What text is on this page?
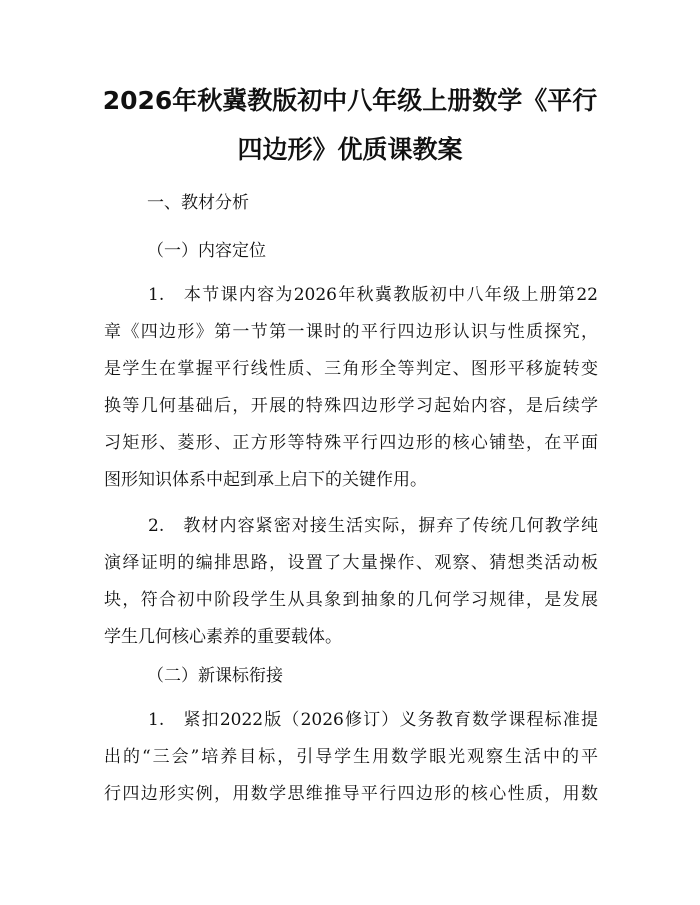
2026年秋冀教版初中八年级上册数学《平行
四边形》优质课教案

一、教材分析

（一）内容定位

1.　本节课内容为2026年秋冀教版初中八年级上册第22
章《四边形》第一节第一课时的平行四边形认识与性质探究，
是学生在掌握平行线性质、三角形全等判定、图形平移旋转变
换等几何基础后，开展的特殊四边形学习起始内容，是后续学
习矩形、菱形、正方形等特殊平行四边形的核心铺垫，在平面
图形知识体系中起到承上启下的关键作用。
2.　教材内容紧密对接生活实际，摒弃了传统几何教学纯
演绎证明的编排思路，设置了大量操作、观察、猜想类活动板
块，符合初中阶段学生从具象到抽象的几何学习规律，是发展
学生几何核心素养的重要载体。

（二）新课标衔接

1.　紧扣2022版（2026修订）义务教育数学课程标准提
出的“三会”培养目标，引导学生用数学眼光观察生活中的平
行四边形实例，用数学思维推导平行四边形的核心性质，用数
